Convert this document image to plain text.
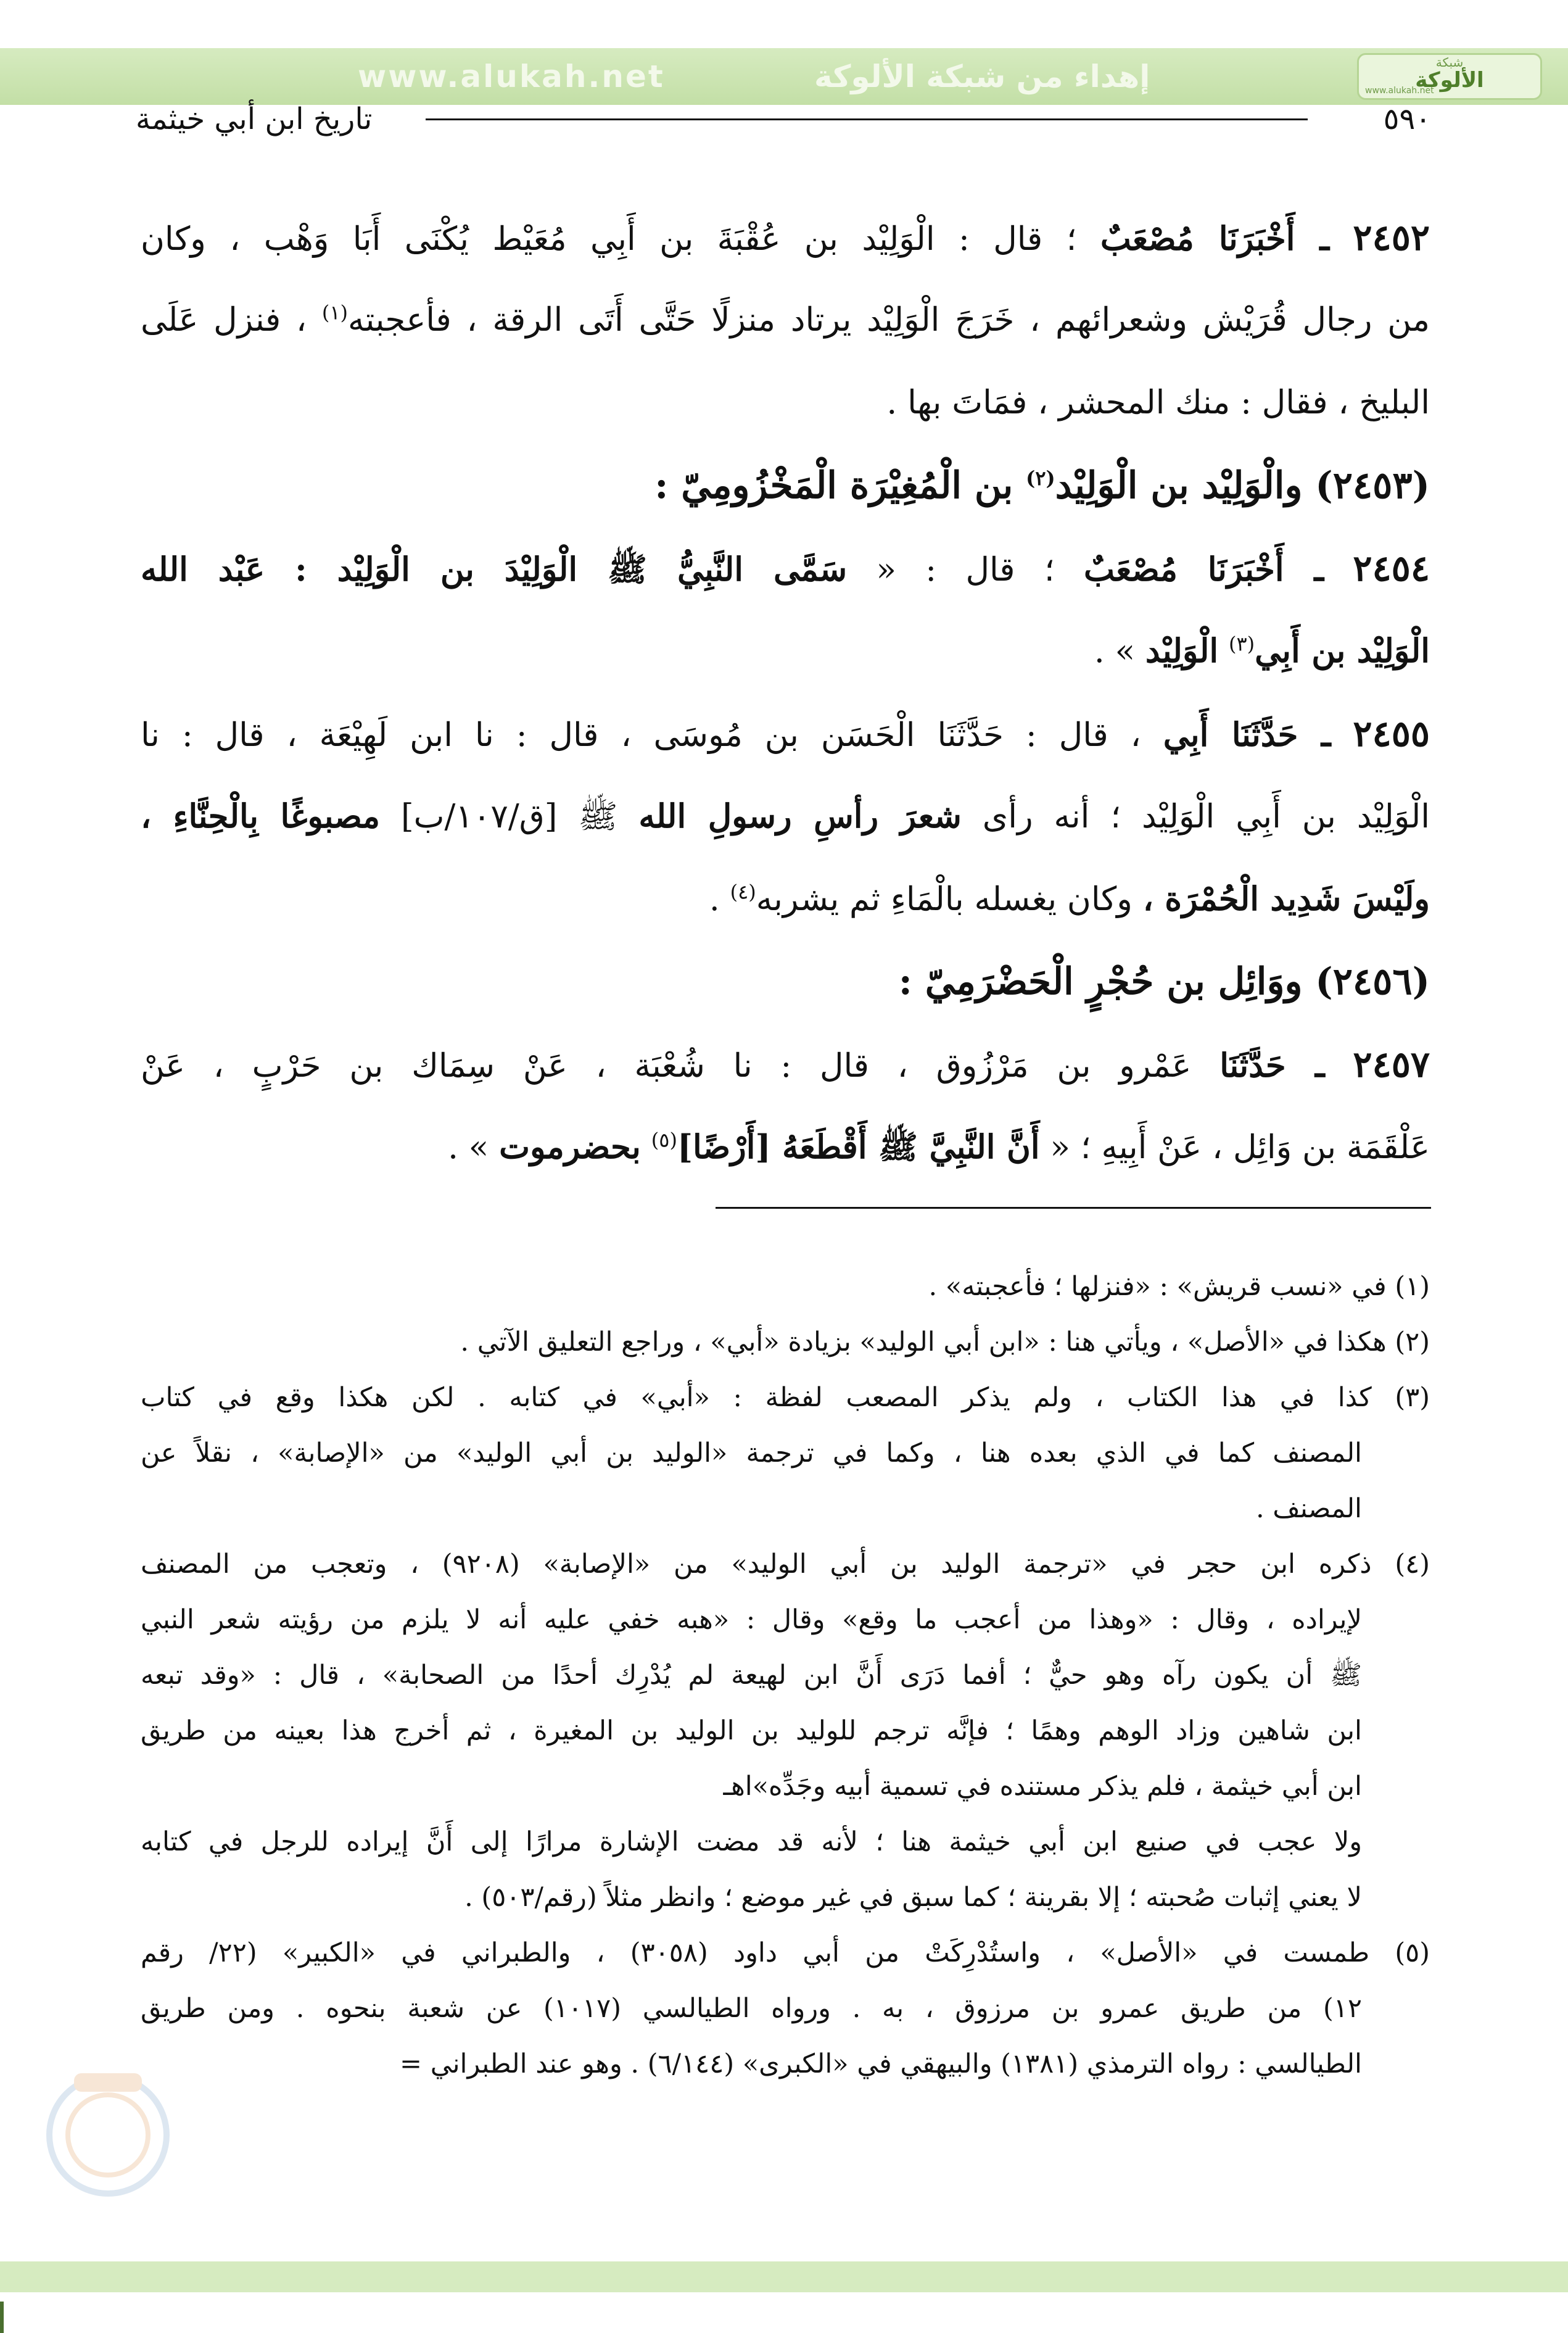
www.alukah.net	إهداء من شبكة الألوكة	شبكة
الألوكة
www.alukah.net
٥٩٠
تاريخ ابن أبي خيثمة
٢٤٥٢ ـ أَخْبَرَنَا مُصْعَبٌ ؛ قال : الْوَلِيْد بن عُقْبَةَ بن أَبِي مُعَيْط يُكْنَى أَبَا وَهْب ، وكان
من رجال قُرَيْش وشعرائهم ، خَرَجَ الْوَلِيْد يرتاد منزلًا حَتَّى أَتَى الرقة ، فأعجبته$^{(١)}$ ، فنزل عَلَى
البليخ ، فقال : منك المحشر ، فمَاتَ بها .
(٢٤٥٣) والْوَلِيْد بن الْوَلِيْد$^{(٢)}$ بن الْمُغِيْرَة الْمَخْزُومِيّ :
٢٤٥٤ ـ أَخْبَرَنَا مُصْعَبٌ ؛ قال : « سَمَّى النَّبِيُّ ﷺ الْوَلِيْدَ بن الْوَلِيْد : عَبْد الله
الْوَلِيْد بن أَبِي$^{(٣)}$ الْوَلِيْد » .
٢٤٥٥ ـ حَدَّثَنَا أَبِي ، قال : حَدَّثَنَا الْحَسَن بن مُوسَى ، قال : نا ابن لَهِيْعَة ، قال : نا
الْوَلِيْد بن أَبِي الْوَلِيْد ؛ أنه رأى شعرَ رأسِ رسولِ الله ﷺ [ق/١٠٧/ب] مصبوغًا بِالْحِنَّاءِ ،
ولَيْسَ شَدِيد الْحُمْرَة ، وكان يغسله بالْمَاءِ ثم يشربه$^{(٤)}$ .
(٢٤٥٦) ووَائِل بن حُجْرٍ الْحَضْرَمِيّ :
٢٤٥٧ ـ حَدَّثَنَا عَمْرو بن مَرْزُوق ، قال : نا شُعْبَة ، عَنْ سِمَاك بن حَرْبٍ ، عَنْ
عَلْقَمَة بن وَائِل ، عَنْ أَبِيهِ ؛ « أَنَّ النَّبِيَّ ﷺ أَقْطَعَهُ [أَرْضًا]$^{(٥)}$ بحضرموت » .
(١) في «نسب قريش» : «فنزلها ؛ فأعجبته» .
(٢) هكذا في «الأصل» ، ويأتي هنا : «ابن أبي الوليد» بزيادة «أبي» ، وراجع التعليق الآتي .
(٣) كذا في هذا الكتاب ، ولم يذكر المصعب لفظة : «أبي» في كتابه . لكن هكذا وقع في كتاب
المصنف كما في الذي بعده هنا ، وكما في ترجمة «الوليد بن أبي الوليد» من «الإصابة» ، نقلاً عن
المصنف .
(٤) ذكره ابن حجر في «ترجمة الوليد بن أبي الوليد» من «الإصابة» (٩٢٠٨) ، وتعجب من المصنف
لإيراده ، وقال : «وهذا من أعجب ما وقع» وقال : «هبه خفي عليه أنه لا يلزم من رؤيته شعر النبي
ﷺ أن يكون رآه وهو حيٌّ ؛ أفما دَرَى أَنَّ ابن لهيعة لم يُدْرِك أحدًا من الصحابة» ، قال : «وقد تبعه
ابن شاهين وزاد الوهم وهمًا ؛ فإنَّه ترجم للوليد بن الوليد بن المغيرة ، ثم أخرج هذا بعينه من طريق
ابن أبي خيثمة ، فلم يذكر مستنده في تسمية أبيه وجَدِّه»اهـ
ولا عجب في صنيع ابن أبي خيثمة هنا ؛ لأنه قد مضت الإشارة مرارًا إلى أَنَّ إيراده للرجل في كتابه
لا يعني إثبات صُحبته ؛ إلا بقرينة ؛ كما سبق في غير موضع ؛ وانظر مثلاً (رقم/٥٠٣) .
(٥) طمست في «الأصل» ، واستُدْرِكَتْ من أبي داود (٣٠٥٨) ، والطبراني في «الكبير» (٢٢/ رقم
١٢) من طريق عمرو بن مرزوق ، به . ورواه الطيالسي (١٠١٧) عن شعبة بنحوه . ومن طريق
الطيالسي : رواه الترمذي (١٣٨١) والبيهقي في «الكبرى» (٦/١٤٤) . وهو عند الطبراني =
